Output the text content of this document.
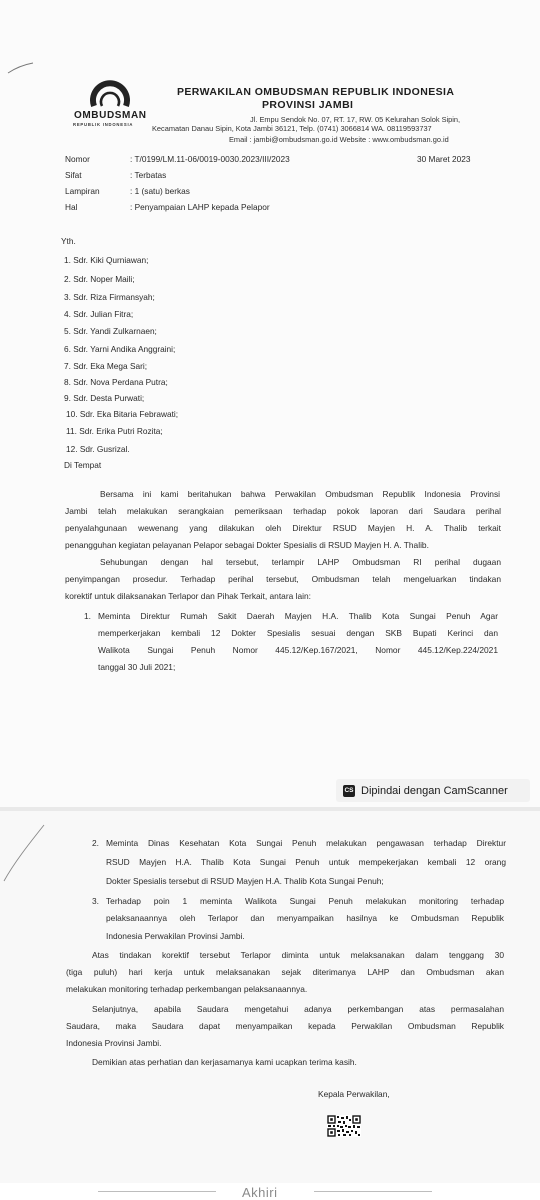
OMBUDSMAN
REPUBLIK INDONESIA
PERWAKILAN OMBUDSMAN REPUBLIK INDONESIA
PROVINSI JAMBI
Jl. Empu Sendok No. 07, RT. 17, RW. 05 Kelurahan Solok Sipin,
Kecamatan Danau Sipin, Kota Jambi 36121, Telp. (0741) 3066814 WA. 08119593737
Email : jambi@ombudsman.go.id Website : www.ombudsman.go.id
Nomor	: T/0199/LM.11-06/0019-0030.2023/III/2023	30 Maret 2023
Sifat	: Terbatas
Lampiran	: 1 (satu) berkas
Hal	: Penyampaian LAHP kepada Pelapor
Yth.
1. Sdr. Kiki Qurniawan;
2. Sdr. Noper Maili;
3. Sdr. Riza Firmansyah;
4. Sdr. Julian Fitra;
5. Sdr. Yandi Zulkarnaen;
6. Sdr. Yarni Andika Anggraini;
7. Sdr. Eka Mega Sari;
8. Sdr. Nova Perdana Putra;
9. Sdr. Desta Purwati;
10. Sdr. Eka Bitaria Febrawati;
11. Sdr. Erika Putri Rozita;
12. Sdr. Gusrizal.
Di Tempat
Bersama ini kami beritahukan bahwa Perwakilan Ombudsman Republik Indonesia Provinsi
Jambi telah melakukan serangkaian pemeriksaan terhadap pokok laporan dari Saudara perihal
penyalahgunaan wewenang yang dilakukan oleh Direktur RSUD Mayjen H. A. Thalib terkait
penangguhan kegiatan pelayanan Pelapor sebagai Dokter Spesialis di RSUD Mayjen H. A. Thalib.
Sehubungan dengan hal tersebut, terlampir LAHP Ombudsman RI perihal dugaan
penyimpangan prosedur. Terhadap perihal tersebut, Ombudsman telah mengeluarkan tindakan
korektif untuk dilaksanakan Terlapor dan Pihak Terkait, antara lain:
1. Meminta Direktur Rumah Sakit Daerah Mayjen H.A. Thalib Kota Sungai Penuh Agar
memperkerjakan kembali 12 Dokter Spesialis sesuai dengan SKB Bupati Kerinci dan
Walikota Sungai Penuh Nomor 445.12/Kep.167/2021, Nomor 445.12/Kep.224/2021
tanggal 30 Juli 2021;
CS Dipindai dengan CamScanner
2. Meminta Dinas Kesehatan Kota Sungai Penuh melakukan pengawasan terhadap Direktur
RSUD Mayjen H.A. Thalib Kota Sungai Penuh untuk mempekerjakan kembali 12 orang
Dokter Spesialis tersebut di RSUD Mayjen H.A. Thalib Kota Sungai Penuh;
3. Terhadap poin 1 meminta Walikota Sungai Penuh melakukan monitoring terhadap
pelaksanaannya oleh Terlapor dan menyampaikan hasilnya ke Ombudsman Republik
Indonesia Perwakilan Provinsi Jambi.
Atas tindakan korektif tersebut Terlapor diminta untuk melaksanakan dalam tenggang 30
(tiga puluh) hari kerja untuk melaksanakan sejak diterimanya LAHP dan Ombudsman akan
melakukan monitoring terhadap perkembangan pelaksanaannya.
Selanjutnya, apabila Saudara mengetahui adanya perkembangan atas permasalahan
Saudara, maka Saudara dapat menyampaikan kepada Perwakilan Ombudsman Republik
Indonesia Provinsi Jambi.
Demikian atas perhatian dan kerjasamanya kami ucapkan terima kasih.
Kepala Perwakilan,
Akhiri
